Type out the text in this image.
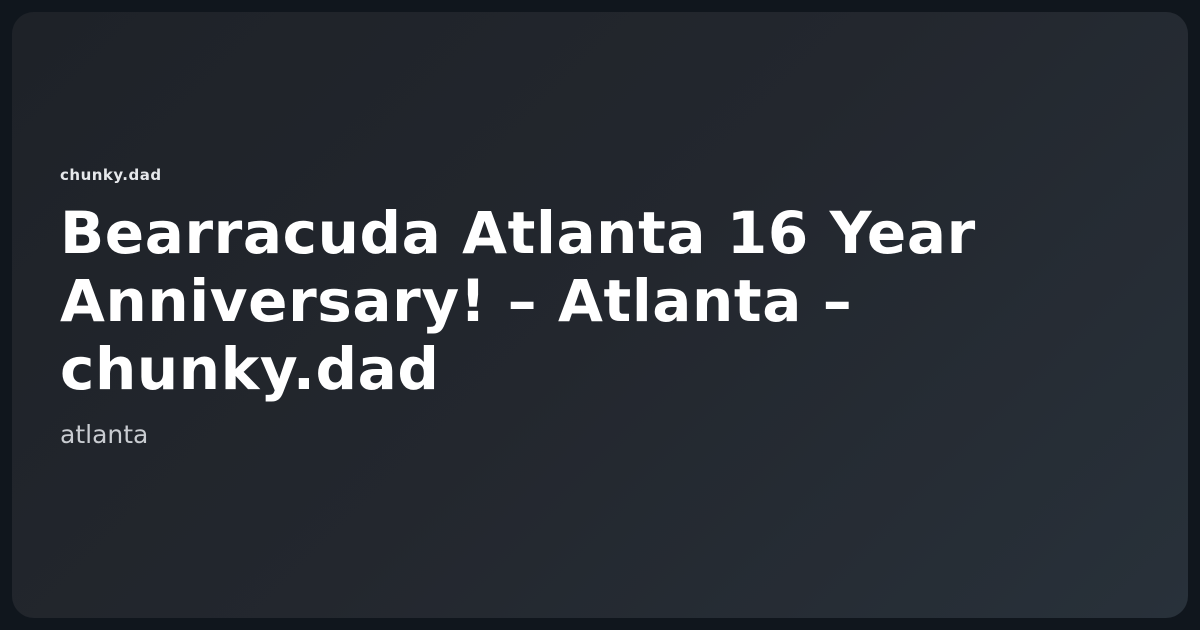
chunky.dad
Bearracuda Atlanta 16 Year Anniversary! – Atlanta – chunky.dad
atlanta
